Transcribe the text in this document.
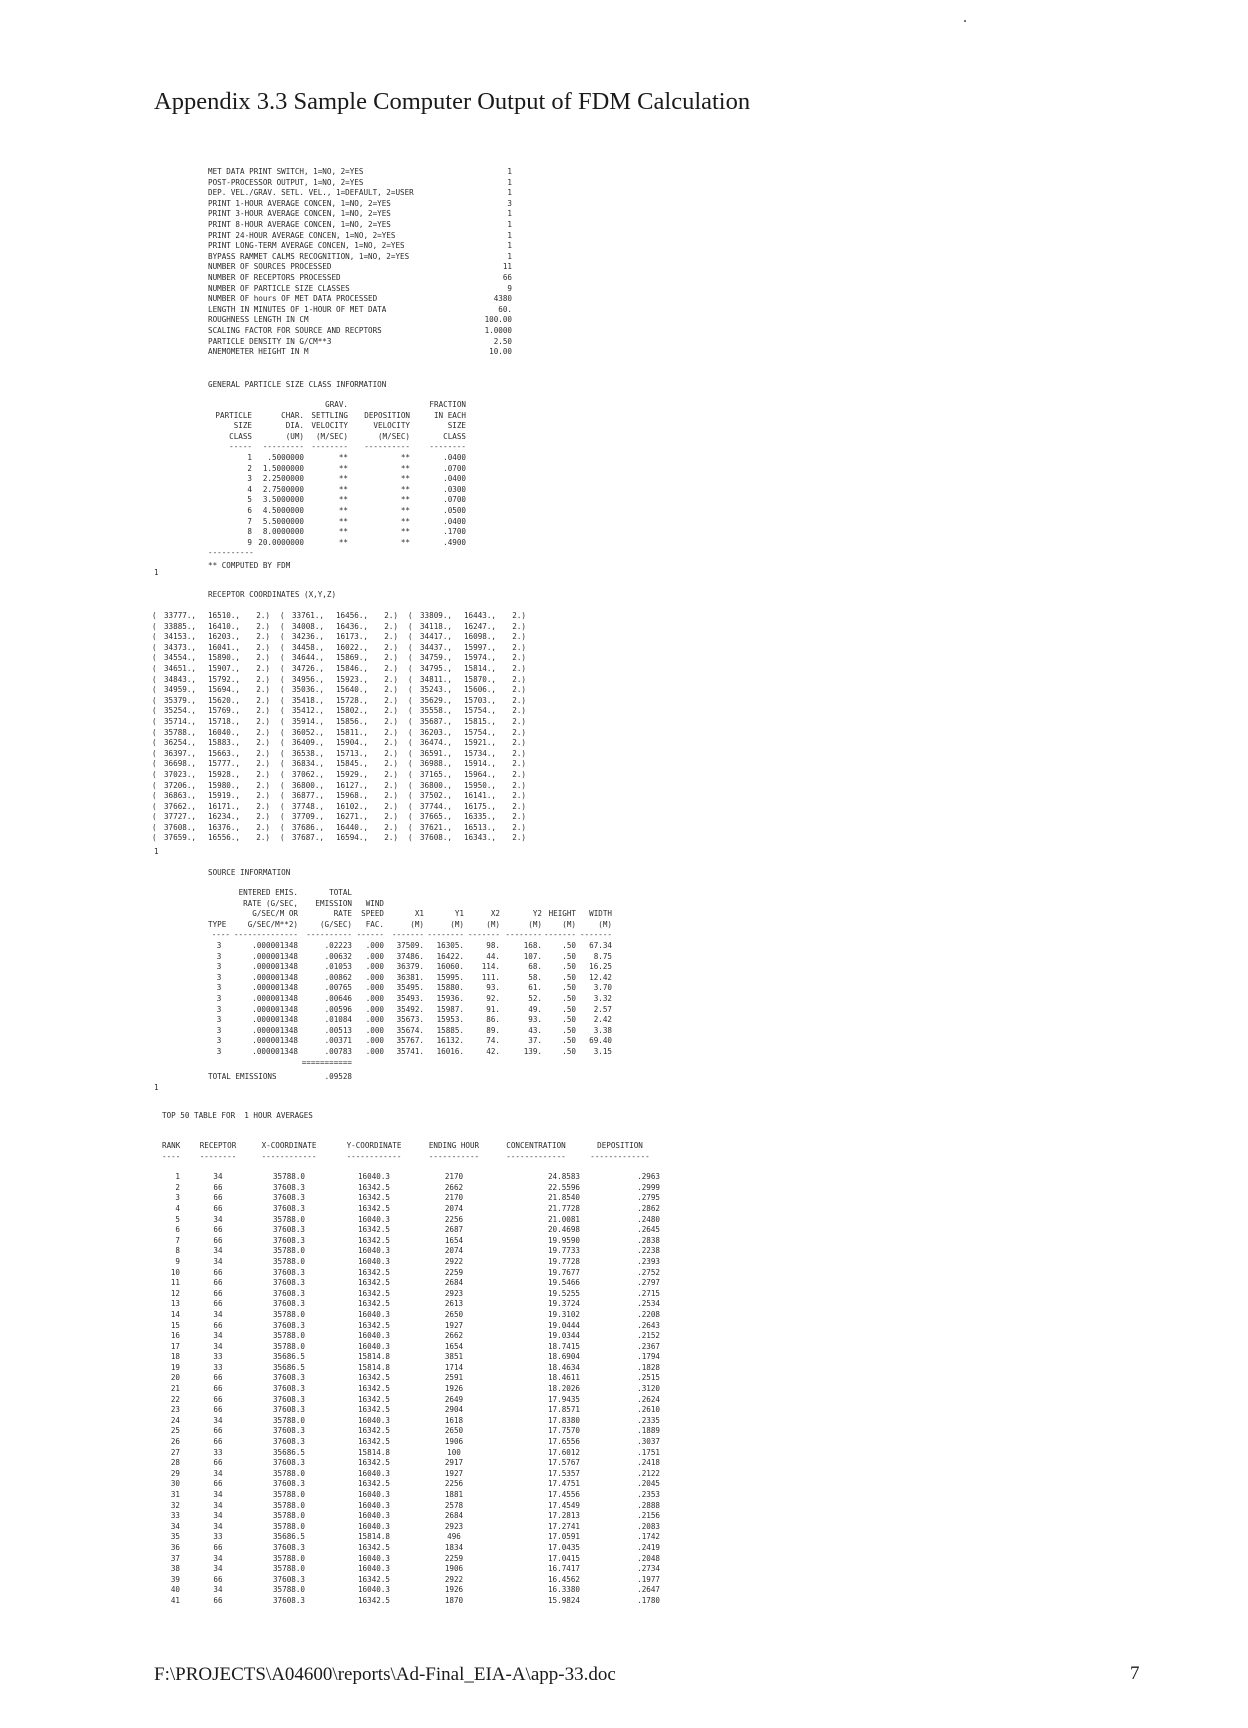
Appendix 3.3 Sample Computer Output of FDM Calculation
MET DATA PRINT SWITCH, 1=NO, 2=YES	1
POST-PROCESSOR OUTPUT, 1=NO, 2=YES	1
DEP. VEL./GRAV. SETL. VEL., 1=DEFAULT, 2=USER	1
PRINT 1-HOUR AVERAGE CONCEN, 1=NO, 2=YES	3
PRINT 3-HOUR AVERAGE CONCEN, 1=NO, 2=YES	1
PRINT 8-HOUR AVERAGE CONCEN, 1=NO, 2=YES	1
PRINT 24-HOUR AVERAGE CONCEN, 1=NO, 2=YES	1
PRINT LONG-TERM AVERAGE CONCEN, 1=NO, 2=YES	1
BYPASS RAMMET CALMS RECOGNITION, 1=NO, 2=YES	1
NUMBER OF SOURCES PROCESSED	11
NUMBER OF RECEPTORS PROCESSED	66
NUMBER OF PARTICLE SIZE CLASSES	9
NUMBER OF hours OF MET DATA PROCESSED	4380
LENGTH IN MINUTES OF 1-HOUR OF MET DATA	60.
ROUGHNESS LENGTH IN CM	100.00
SCALING FACTOR FOR SOURCE AND RECPTORS	1.0000
PARTICLE DENSITY IN G/CM**3	2.50
ANEMOMETER HEIGHT IN M	10.00
GENERAL PARTICLE SIZE CLASS INFORMATION
GRAV.	FRACTION
PARTICLE	CHAR. SETTLING	DEPOSITION	IN EACH
SIZE	DIA. VELOCITY	VELOCITY	SIZE
CLASS	(UM)	(M/SEC)	(M/SEC)	CLASS
-----	--------- --------	----------	--------
1	.5000000	**	**	.0400
2	1.5000000	**	**	.0700
3	2.2500000	**	**	.0400
4	2.7500000	**	**	.0300
5	3.5000000	**	**	.0700
6	4.5000000	**	**	.0500
7	5.5000000	**	**	.0400
8	8.0000000	**	**	.1700
9 20.0000000	**	**	.4900
----------
** COMPUTED BY FDM
1
RECEPTOR COORDINATES (X,Y,Z)
( 33777.,	16510.,	2.) ( 33761.,	16456.,	2.) ( 33809.,	16443.,	2.)
( 33885.,	16410.,	2.) ( 34008.,	16436.,	2.) ( 34118.,	16247.,	2.)
( 34153.,	16203.,	2.) ( 34236.,	16173.,	2.) ( 34417.,	16098.,	2.)
( 34373.,	16041.,	2.) ( 34458.,	16022.,	2.) ( 34437.,	15997.,	2.)
( 34554.,	15890.,	2.) ( 34644.,	15869.,	2.) ( 34759.,	15974.,	2.)
( 34651.,	15907.,	2.) ( 34726.,	15846.,	2.) ( 34795.,	15814.,	2.)
( 34843.,	15792.,	2.) ( 34956.,	15923.,	2.) ( 34811.,	15870.,	2.)
( 34959.,	15694.,	2.) ( 35036.,	15640.,	2.) ( 35243.,	15606.,	2.)
( 35379.,	15620.,	2.) ( 35418.,	15728.,	2.) ( 35629.,	15703.,	2.)
( 35254.,	15769.,	2.) ( 35412.,	15802.,	2.) ( 35558.,	15754.,	2.)
( 35714.,	15718.,	2.) ( 35914.,	15856.,	2.) ( 35687.,	15815.,	2.)
( 35788.,	16040.,	2.) ( 36052.,	15811.,	2.) ( 36203.,	15754.,	2.)
( 36254.,	15883.,	2.) ( 36409.,	15904.,	2.) ( 36474.,	15921.,	2.)
( 36397.,	15663.,	2.) ( 36538.,	15713.,	2.) ( 36591.,	15734.,	2.)
( 36698.,	15777.,	2.) ( 36834.,	15845.,	2.) ( 36988.,	15914.,	2.)
( 37023.,	15928.,	2.) ( 37062.,	15929.,	2.) ( 37165.,	15964.,	2.)
( 37206.,	15980.,	2.) ( 36800.,	16127.,	2.) ( 36800.,	15950.,	2.)
( 36863.,	15919.,	2.) ( 36877.,	15968.,	2.) ( 37502.,	16141.,	2.)
( 37662.,	16171.,	2.) ( 37748.,	16102.,	2.) ( 37744.,	16175.,	2.)
( 37727.,	16234.,	2.) ( 37709.,	16271.,	2.) ( 37665.,	16335.,	2.)
( 37608.,	16376.,	2.) ( 37686.,	16440.,	2.) ( 37621.,	16513.,	2.)
( 37659.,	16556.,	2.) ( 37687.,	16594.,	2.) ( 37608.,	16343.,	2.)
1
SOURCE INFORMATION
ENTERED EMIS.	TOTAL
RATE (G/SEC,	EMISSION	WIND
G/SEC/M OR	RATE	SPEED	X1	Y1	X2	Y2 HEIGHT	WIDTH
TYPE	G/SEC/M**2)	(G/SEC)	FAC.	(M)	(M)	(M)	(M)	(M)	(M)
---- --------------	---------- ------	------- -------- ------- -------- ------- -------
3	.000001348	.02223	.000	37509.	16305.	98.	168.	.50	67.34
3	.000001348	.00632	.000	37486.	16422.	44.	107.	.50	8.75
3	.000001348	.01053	.000	36379.	16060.	114.	68.	.50	16.25
3	.000001348	.00862	.000	36381.	15995.	111.	58.	.50	12.42
3	.000001348	.00765	.000	35495.	15880.	93.	61.	.50	3.70
3	.000001348	.00646	.000	35493.	15936.	92.	52.	.50	3.32
3	.000001348	.00596	.000	35492.	15987.	91.	49.	.50	2.57
3	.000001348	.01084	.000	35673.	15953.	86.	93.	.50	2.42
3	.000001348	.00513	.000	35674.	15885.	89.	43.	.50	3.38
3	.000001348	.00371	.000	35767.	16132.	74.	37.	.50	69.40
3	.000001348	.00783	.000	35741.	16016.	42.	139.	.50	3.15
===========
TOTAL EMISSIONS	.09528
1
TOP 50 TABLE FOR  1 HOUR AVERAGES
RANK	RECEPTOR	X-COORDINATE	Y-COORDINATE	ENDING HOUR	CONCENTRATION	DEPOSITION
----	--------	------------	------------	-----------	-------------	-------------
1	34	35788.0	16040.3	2170	24.8583	.2963
2	66	37608.3	16342.5	2662	22.5596	.2999
3	66	37608.3	16342.5	2170	21.8540	.2795
4	66	37608.3	16342.5	2074	21.7728	.2862
5	34	35788.0	16040.3	2256	21.0081	.2480
6	66	37608.3	16342.5	2687	20.4698	.2645
7	66	37608.3	16342.5	1654	19.9590	.2838
8	34	35788.0	16040.3	2074	19.7733	.2238
9	34	35788.0	16040.3	2922	19.7728	.2393
10	66	37608.3	16342.5	2259	19.7677	.2752
11	66	37608.3	16342.5	2684	19.5466	.2797
12	66	37608.3	16342.5	2923	19.5255	.2715
13	66	37608.3	16342.5	2613	19.3724	.2534
14	34	35788.0	16040.3	2650	19.3102	.2208
15	66	37608.3	16342.5	1927	19.0444	.2643
16	34	35788.0	16040.3	2662	19.0344	.2152
17	34	35788.0	16040.3	1654	18.7415	.2367
18	33	35686.5	15814.8	3851	18.6904	.1794
19	33	35686.5	15814.8	1714	18.4634	.1828
20	66	37608.3	16342.5	2591	18.4611	.2515
21	66	37608.3	16342.5	1926	18.2026	.3120
22	66	37608.3	16342.5	2649	17.9435	.2624
23	66	37608.3	16342.5	2904	17.8571	.2610
24	34	35788.0	16040.3	1618	17.8380	.2335
25	66	37608.3	16342.5	2650	17.7570	.1889
26	66	37608.3	16342.5	1906	17.6556	.3037
27	33	35686.5	15814.8	100	17.6012	.1751
28	66	37608.3	16342.5	2917	17.5767	.2418
29	34	35788.0	16040.3	1927	17.5357	.2122
30	66	37608.3	16342.5	2256	17.4751	.2045
31	34	35788.0	16040.3	1881	17.4556	.2353
32	34	35788.0	16040.3	2578	17.4549	.2888
33	34	35788.0	16040.3	2684	17.2813	.2156
34	34	35788.0	16040.3	2923	17.2741	.2083
35	33	35686.5	15814.8	496	17.0591	.1742
36	66	37608.3	16342.5	1834	17.0435	.2419
37	34	35788.0	16040.3	2259	17.0415	.2048
38	34	35788.0	16040.3	1906	16.7417	.2734
39	66	37608.3	16342.5	2922	16.4562	.1977
40	34	35788.0	16040.3	1926	16.3380	.2647
41	66	37608.3	16342.5	1870	15.9824	.1780
F:\PROJECTS\A04600\reports\Ad-Final_EIA-A\app-33.doc	7
